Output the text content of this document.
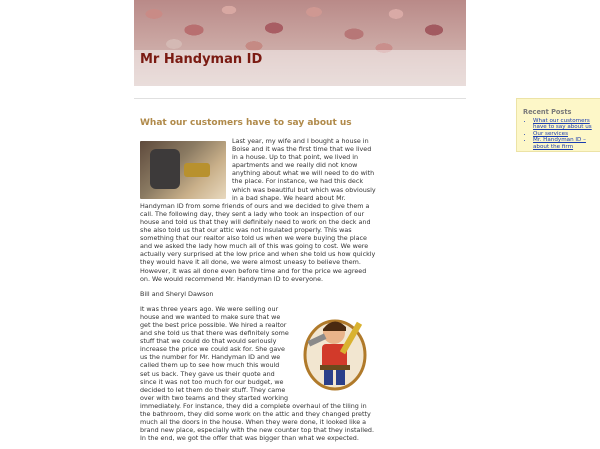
Mr Handyman ID
What our customers have to say about us
Last year, my wife and I bought a house in Boise and it was the first time that we lived in a house. Up to that point, we lived in apartments and we really did not know anything about what we will need to do with the place. For instance, we had this deck which was beautiful but which was obviously in a bad shape. We heard about Mr. Handyman ID from some friends of ours and we decided to give them a call. The following day, they sent a lady who took an inspection of our house and told us that they will definitely need to work on the deck and she also told us that our attic was not insulated properly. This was something that our realtor also told us when we were buying the place and we asked the lady how much all of this was going to cost. We were actually very surprised at the low price and when she told us how quickly they would have it all done, we were almost uneasy to believe them. However, it was all done even before time and for the price we agreed on. We would recommend Mr. Handyman ID to everyone.
Bill and Sheryl Dawson
It was three years ago. We were selling our house and we wanted to make sure that we get the best price possible. We hired a realtor and she told us that there was definitely some stuff that we could do that would seriously increase the price we could ask for. She gave us the number for Mr. Handyman ID and we called them up to see how much this would set us back. They gave us their quote and since it was not too much for our budget, we decided to let them do their stuff. They came over with two teams and they started working immediately. For instance, they did a complete overhaul of the tiling in the bathroom, they did some work on the attic and they changed pretty much all the doors in the house. When they were done, it looked like a brand new place, especially with the new counter top that they installed. In the end, we got the offer that was bigger than what we expected.
Recent Posts
• What our customers have to say about us
• Our services
• Mr. Handyman ID – about the firm
